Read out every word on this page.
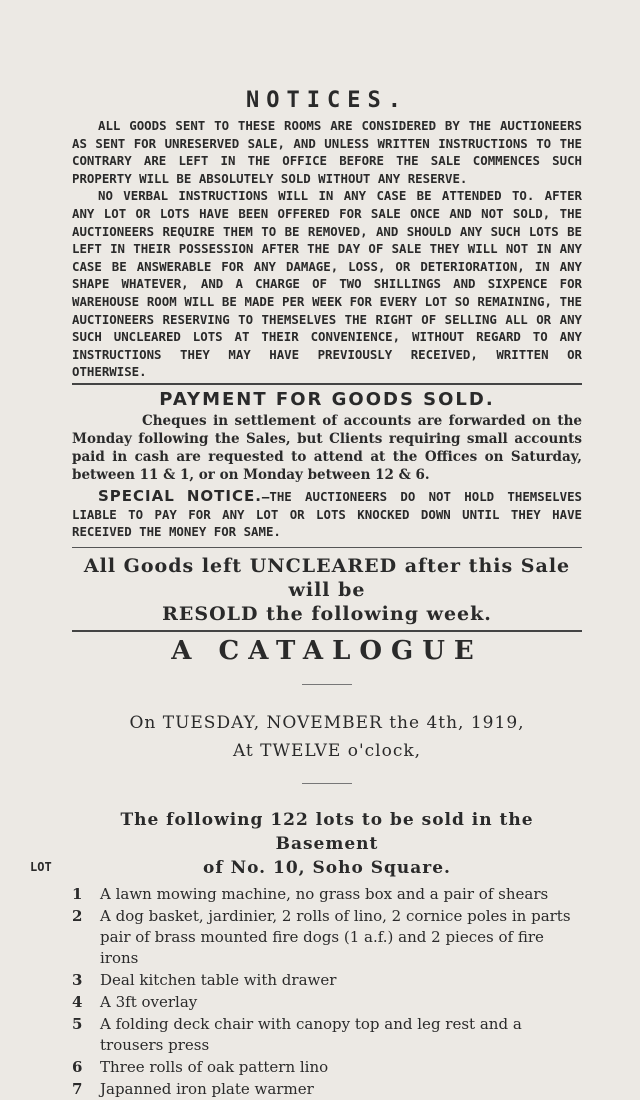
NOTICES.

ALL GOODS SENT TO THESE ROOMS ARE CONSIDERED BY THE AUCTIONEERS AS SENT FOR UNRESERVED SALE, AND UNLESS WRITTEN INSTRUCTIONS TO THE CONTRARY ARE LEFT IN THE OFFICE BEFORE THE SALE COMMENCES SUCH PROPERTY WILL BE ABSOLUTELY SOLD WITHOUT ANY RESERVE.

NO VERBAL INSTRUCTIONS WILL IN ANY CASE BE ATTENDED TO. AFTER ANY LOT OR LOTS HAVE BEEN OFFERED FOR SALE ONCE AND NOT SOLD, THE AUCTIONEERS REQUIRE THEM TO BE REMOVED, AND SHOULD ANY SUCH LOTS BE LEFT IN THEIR POSSESSION AFTER THE DAY OF SALE THEY WILL NOT IN ANY CASE BE ANSWERABLE FOR ANY DAMAGE, LOSS, OR DETERIORATION, IN ANY SHAPE WHATEVER, AND A CHARGE OF TWO SHILLINGS AND SIXPENCE FOR WAREHOUSE ROOM WILL BE MADE PER WEEK FOR EVERY LOT SO REMAINING, THE AUCTIONEERS RESERVING TO THEMSELVES THE RIGHT OF SELLING ALL OR ANY SUCH UNCLEARED LOTS AT THEIR CONVENIENCE, WITHOUT REGARD TO ANY INSTRUCTIONS THEY MAY HAVE PREVIOUSLY RECEIVED, WRITTEN OR OTHERWISE.

PAYMENT FOR GOODS SOLD.

Cheques in settlement of accounts are forwarded on the Monday following the Sales, but Clients requiring small accounts paid in cash are requested to attend at the Offices on Saturday, between 11 & 1, or on Monday between 12 & 6.

SPECIAL NOTICE.—THE AUCTIONEERS DO NOT HOLD THEMSELVES LIABLE TO PAY FOR ANY LOT OR LOTS KNOCKED DOWN UNTIL THEY HAVE RECEIVED THE MONEY FOR SAME.

All Goods left UNCLEARED after this Sale will be
RESOLD the following week.
A CATALOGUE

On TUESDAY, NOVEMBER the 4th, 1919,

At TWELVE o'clock,

The following 122 lots to be sold in the Basement

LOT	of No. 10, Soho Square.
1	A lawn mowing machine, no grass box and a pair of shears
2	A dog basket, jardinier, 2 rolls of lino, 2 cornice poles in parts pair of brass mounted fire dogs (1 a.f.) and 2 pieces of fire irons
3	Deal kitchen table with drawer
4	A 3ft overlay
5	A folding deck chair with canopy top and leg rest and a trousers press
6	Three rolls of oak pattern lino
7	Japanned iron plate warmer
